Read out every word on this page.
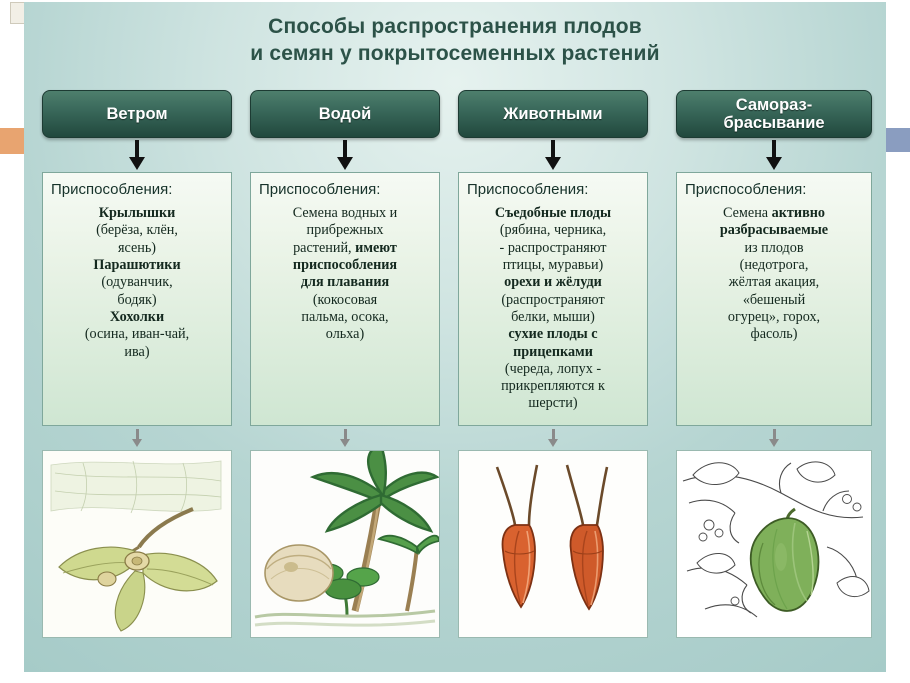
Способы распространения плодов
и семян у покрытосеменных растений
Ветром
Приспособления:
Крылышки
(берёза, клён,
ясень)
Парашютики
(одуванчик,
бодяк)
Хохолки
(осина, иван-чай,
ива)
Водой
Приспособления:
Семена водных и
прибрежных
растений, имеют
приспособления
для плавания
(кокосовая
пальма, осока,
ольха)
Животными
Приспособления:
Съедобные плоды
(рябина, черника,
- распространяют
птицы, муравьи)
орехи и жёлуди
(распространяют
белки, мыши)
сухие плоды с
прицепками
(череда, лопух -
прикрепляются к
шерсти)
Самораз-
брасывание
Приспособления:
Семена активно
разбрасываемые
из плодов
(недотрога,
жёлтая акация,
«бешеный
огурец», горох,
фасоль)
